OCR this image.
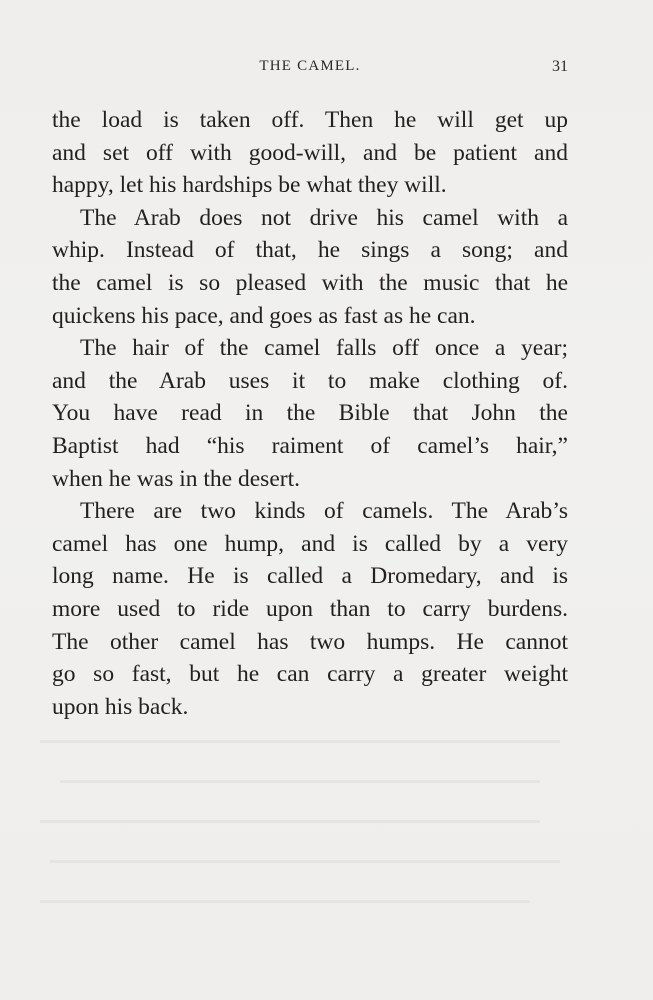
THE CAMEL.	31
the load is taken off. Then he will get up
and set off with good-will, and be patient and
happy, let his hardships be what they will.
The Arab does not drive his camel with a
whip. Instead of that, he sings a song; and
the camel is so pleased with the music that he
quickens his pace, and goes as fast as he can.
The hair of the camel falls off once a year;
and the Arab uses it to make clothing of.
You have read in the Bible that John the
Baptist had “his raiment of camel’s hair,”
when he was in the desert.
There are two kinds of camels. The Arab’s
camel has one hump, and is called by a very
long name. He is called a Dromedary, and is
more used to ride upon than to carry burdens.
The other camel has two humps. He cannot
go so fast, but he can carry a greater weight
upon his back.
